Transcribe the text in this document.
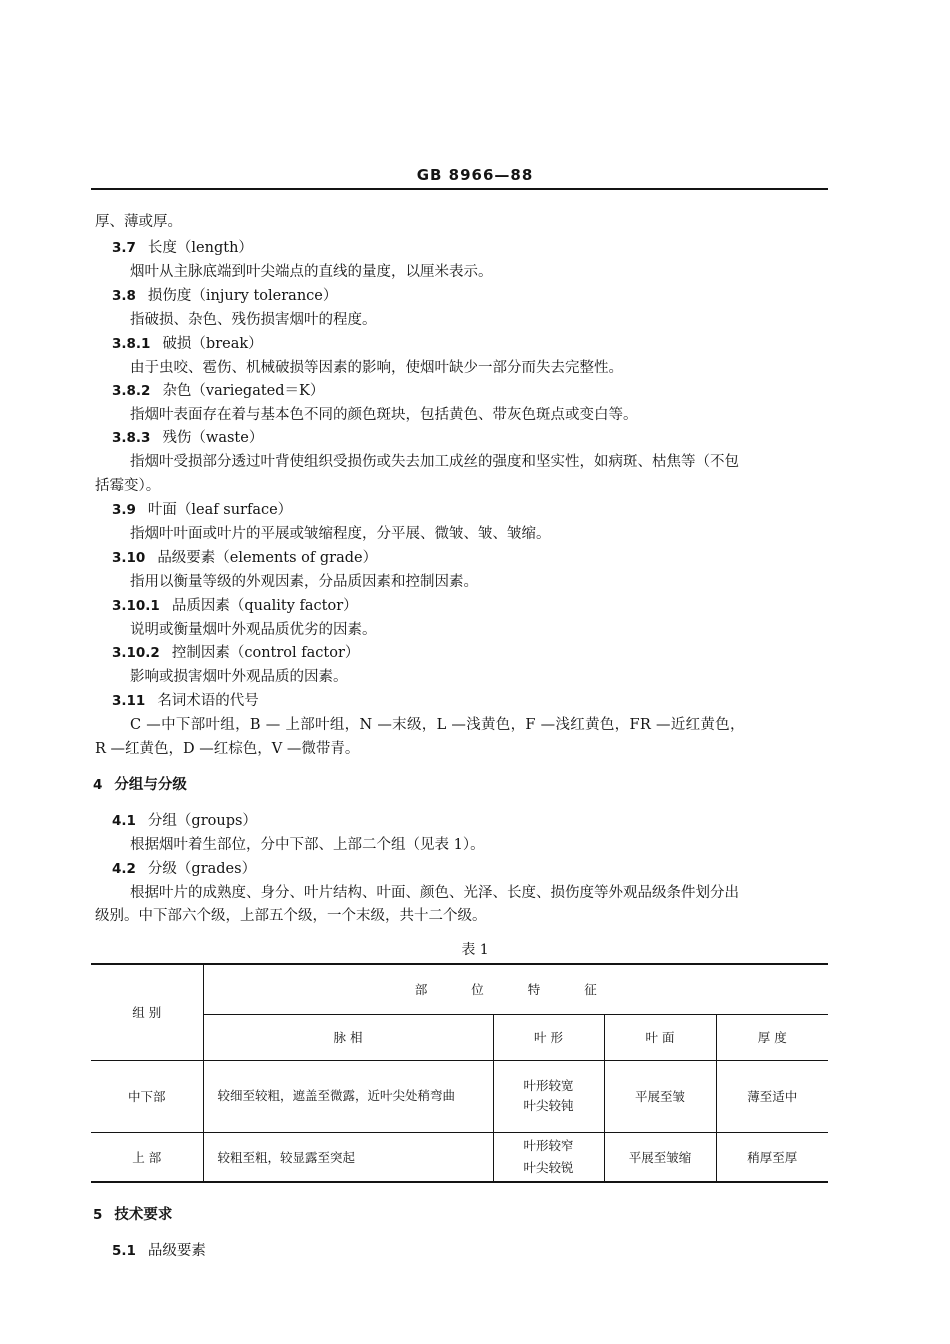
GB 8966—88
厚、薄或厚。
3.7 长度（length）
烟叶从主脉底端到叶尖端点的直线的量度，以厘米表示。
3.8 损伤度（injury tolerance）
指破损、杂色、残伤损害烟叶的程度。
3.8.1 破损（break）
由于虫咬、雹伤、机械破损等因素的影响，使烟叶缺少一部分而失去完整性。
3.8.2 杂色（variegated＝K）
指烟叶表面存在着与基本色不同的颜色斑块，包括黄色、带灰色斑点或变白等。
3.8.3 残伤（waste）
指烟叶受损部分透过叶背使组织受损伤或失去加工成丝的强度和坚实性，如病斑、枯焦等（不包
括霉变）。
3.9 叶面（leaf surface）
指烟叶叶面或叶片的平展或皱缩程度，分平展、微皱、皱、皱缩。
3.10 品级要素（elements of grade）
指用以衡量等级的外观因素，分品质因素和控制因素。
3.10.1 品质因素（quality factor）
说明或衡量烟叶外观品质优劣的因素。
3.10.2 控制因素（control factor）
影响或损害烟叶外观品质的因素。
3.11 名词术语的代号
C —中下部叶组，B — 上部叶组，N —末级，L —浅黄色，F —浅红黄色，FR —近红黄色，
R —红黄色，D —红棕色，V —微带青。
4 分组与分级
4.1 分组（groups）
根据烟叶着生部位，分中下部、上部二个组（见表 1）。
4.2 分级（grades）
根据叶片的成熟度、身分、叶片结构、叶面、颜色、光泽、长度、损伤度等外观品级条件划分出
级别。中下部六个级，上部五个级，一个末级，共十二个级。
表 1
组 别	部 位 特 征			
	脉 相	叶 形	叶 面	厚 度
中下部	较细至较粗，遮盖至微露，近叶尖处稍弯曲	叶形较宽
叶尖较钝	平展至皱	薄至适中
上 部	较粗至粗，较显露至突起	叶形较窄
叶尖较锐	平展至皱缩	稍厚至厚
5 技术要求
5.1 品级要素
